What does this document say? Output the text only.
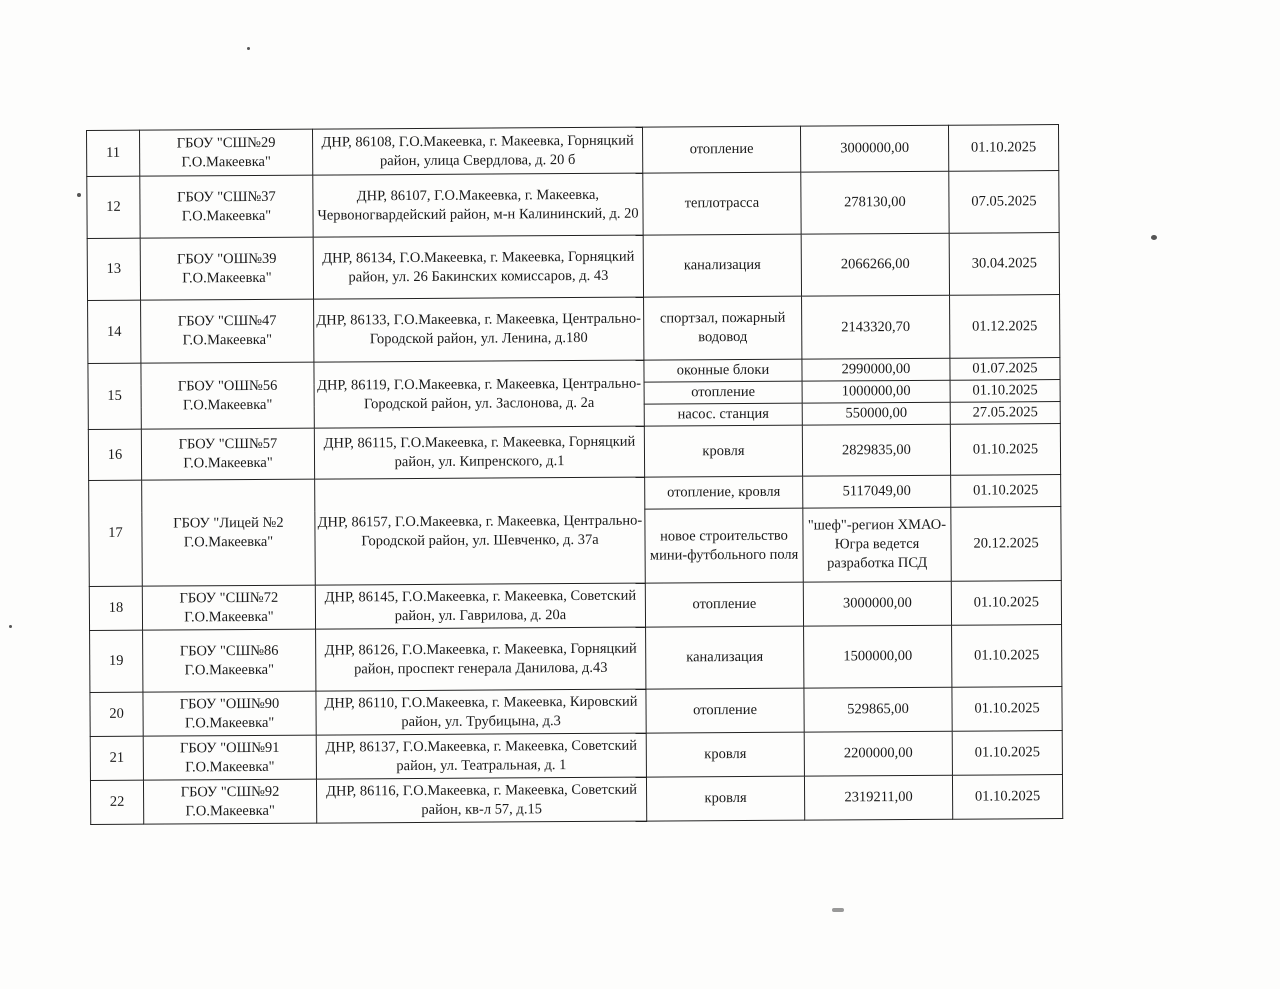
11	ГБОУ "СШ№29 Г.О.Макеевка"	ДНР, 86108, Г.О.Макеевка, г. Макеевка, Горняцкий район, улица Свердлова, д. 20 б	отопление	3000000,00	01.10.2025
12	ГБОУ "СШ№37 Г.О.Макеевка"	ДНР, 86107, Г.О.Макеевка, г. Макеевка, Червоногвардейский район, м-н Калининский, д. 20	теплотрасса	278130,00	07.05.2025
13	ГБОУ "ОШ№39 Г.О.Макеевка"	ДНР, 86134, Г.О.Макеевка, г. Макеевка, Горняцкий район, ул. 26 Бакинских комиссаров, д. 43	канализация	2066266,00	30.04.2025
14	ГБОУ "СШ№47 Г.О.Макеевка"	ДНР, 86133, Г.О.Макеевка, г. Макеевка, Центрально-Городской район, ул. Ленина, д.180	спортзал, пожарный водовод	2143320,70	01.12.2025
15	ГБОУ "ОШ№56 Г.О.Макеевка"	ДНР, 86119, Г.О.Макеевка, г. Макеевка, Центрально-Городской район, ул. Заслонова, д. 2а	оконные блоки	2990000,00	01.07.2025
			отопление	1000000,00	01.10.2025
			насос. станция	550000,00	27.05.2025
16	ГБОУ "СШ№57 Г.О.Макеевка"	ДНР, 86115, Г.О.Макеевка, г. Макеевка, Горняцкий район, ул. Кипренского, д.1	кровля	2829835,00	01.10.2025
17	ГБОУ "Лицей №2 Г.О.Макеевка"	ДНР, 86157, Г.О.Макеевка, г. Макеевка, Центрально-Городской район, ул. Шевченко, д. 37а	отопление, кровля	5117049,00	01.10.2025
			новое строительство мини-футбольного поля	"шеф"-регион ХМАО-Югра ведется разработка ПСД	20.12.2025
18	ГБОУ "СШ№72 Г.О.Макеевка"	ДНР, 86145, Г.О.Макеевка, г. Макеевка, Советский район, ул. Гаврилова, д. 20а	отопление	3000000,00	01.10.2025
19	ГБОУ "СШ№86 Г.О.Макеевка"	ДНР, 86126, Г.О.Макеевка, г. Макеевка, Горняцкий район, проспект генерала Данилова, д.43	канализация	1500000,00	01.10.2025
20	ГБОУ "ОШ№90 Г.О.Макеевка"	ДНР, 86110, Г.О.Макеевка, г. Макеевка, Кировский район, ул. Трубицына, д.3	отопление	529865,00	01.10.2025
21	ГБОУ "ОШ№91 Г.О.Макеевка"	ДНР, 86137, Г.О.Макеевка, г. Макеевка, Советский район, ул. Театральная, д. 1	кровля	2200000,00	01.10.2025
22	ГБОУ "СШ№92 Г.О.Макеевка"	ДНР, 86116, Г.О.Макеевка, г. Макеевка, Советский район, кв-л 57, д.15	кровля	2319211,00	01.10.2025
